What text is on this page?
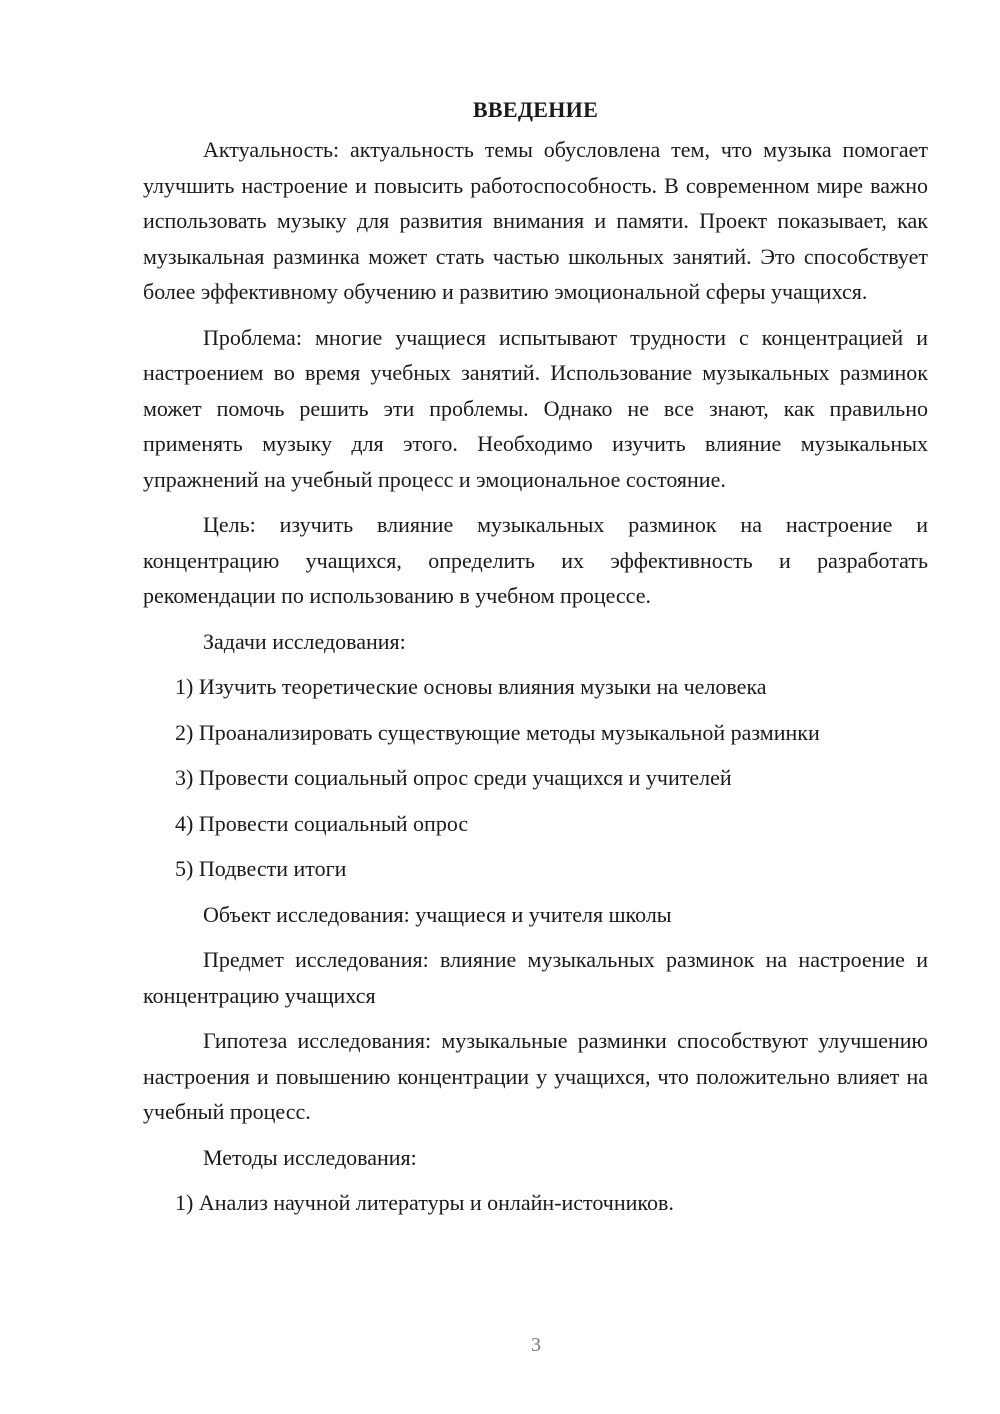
ВВЕДЕНИЕ

Актуальность: актуальность темы обусловлена тем, что музыка помогает улучшить настроение и повысить работоспособность. В современном мире важно использовать музыку для развития внимания и памяти. Проект показывает, как музыкальная разминка может стать частью школьных занятий. Это способствует более эффективному обучению и развитию эмоциональной сферы учащихся.

Проблема: многие учащиеся испытывают трудности с концентрацией и настроением во время учебных занятий. Использование музыкальных разминок может помочь решить эти проблемы. Однако не все знают, как правильно применять музыку для этого. Необходимо изучить влияние музыкальных упражнений на учебный процесс и эмоциональное состояние.

Цель: изучить влияние музыкальных разминок на настроение и концентрацию учащихся, определить их эффективность и разработать рекомендации по использованию в учебном процессе.

Задачи исследования:
1) Изучить теоретические основы влияния музыки на человека
2) Проанализировать существующие методы музыкальной разминки
3) Провести социальный опрос среди учащихся и учителей
4) Провести социальный опрос
5) Подвести итоги
Объект исследования: учащиеся и учителя школы

Предмет исследования: влияние музыкальных разминок на настроение и концентрацию учащихся

Гипотеза исследования: музыкальные разминки способствуют улучшению настроения и повышению концентрации у учащихся, что положительно влияет на учебный процесс.

Методы исследования:
1) Анализ научной литературы и онлайн-источников.
3
